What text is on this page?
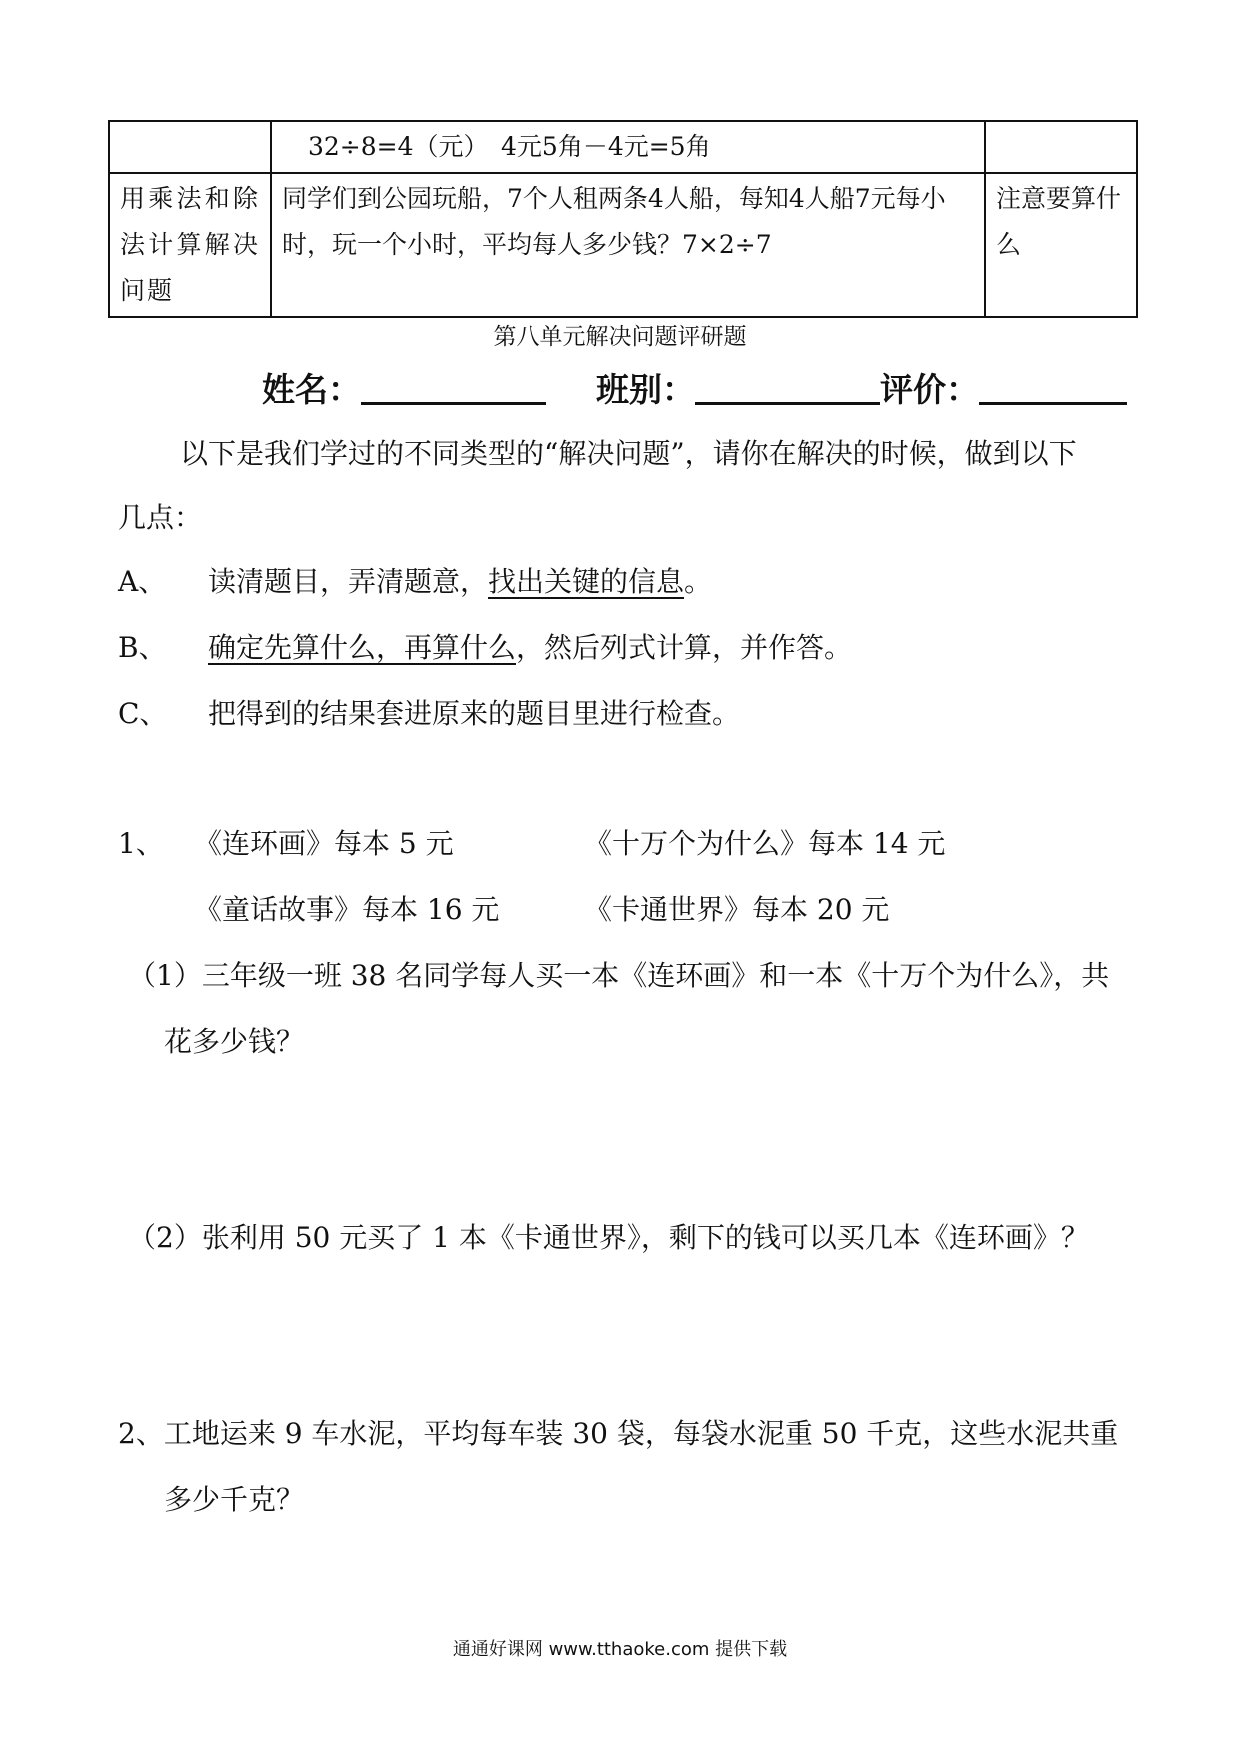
	32÷8=4（元）　4元5角－4元=5角	
用乘法和除法计算解决问题	同学们到公园玩船，7个人租两条4人船，每知4人船7元每小时，玩一个小时，平均每人多少钱？7×2÷7	注意要算什么
第八单元解决问题评研题
姓名：	班别：	评价：
以下是我们学过的不同类型的“解决问题”，请你在解决的时候，做到以下
几点：
A、 读清题目，弄清题意，找出关键的信息。
B、 确定先算什么，再算什么，然后列式计算，并作答。
C、 把得到的结果套进原来的题目里进行检查。
1、 《连环画》每本 5 元	《十万个为什么》每本 14 元
《童话故事》每本 16 元	《卡通世界》每本 20 元
（1）三年级一班 38 名同学每人买一本《连环画》和一本《十万个为什么》，共
花多少钱？
（2）张利用 50 元买了 1 本《卡通世界》，剩下的钱可以买几本《连环画》？
2、工地运来 9 车水泥，平均每车装 30 袋，每袋水泥重 50 千克，这些水泥共重
多少千克？
通通好课网 www.tthaoke.com 提供下载
